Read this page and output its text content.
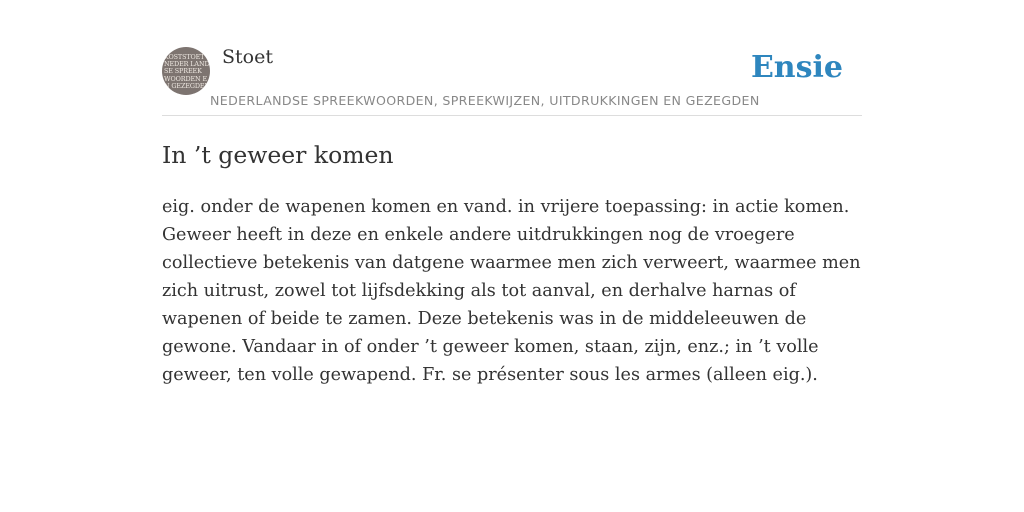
KOSTSTOET NEDER LANDSE SPREEK WOORDEN EN GEZEGDEN
Stoet
NEDERLANDSE SPREEKWOORDEN, SPREEKWIJZEN, UITDRUKKINGEN EN GEZEGDEN
Ensie
In ’t geweer komen

eig. onder de wapenen komen en vand. in vrijere toepassing: in actie komen. Geweer heeft in deze en enkele andere uitdrukkingen nog de vroegere collectieve betekenis van datgene waarmee men zich verweert, waarmee men zich uitrust, zowel tot lijfsdekking als tot aanval, en derhalve harnas of wapenen of beide te zamen. Deze betekenis was in de middeleeuwen de gewone. Vandaar in of onder ’t geweer komen, staan, zijn, enz.; in ’t volle geweer, ten volle gewapend. Fr. se présenter sous les armes (alleen eig.).
